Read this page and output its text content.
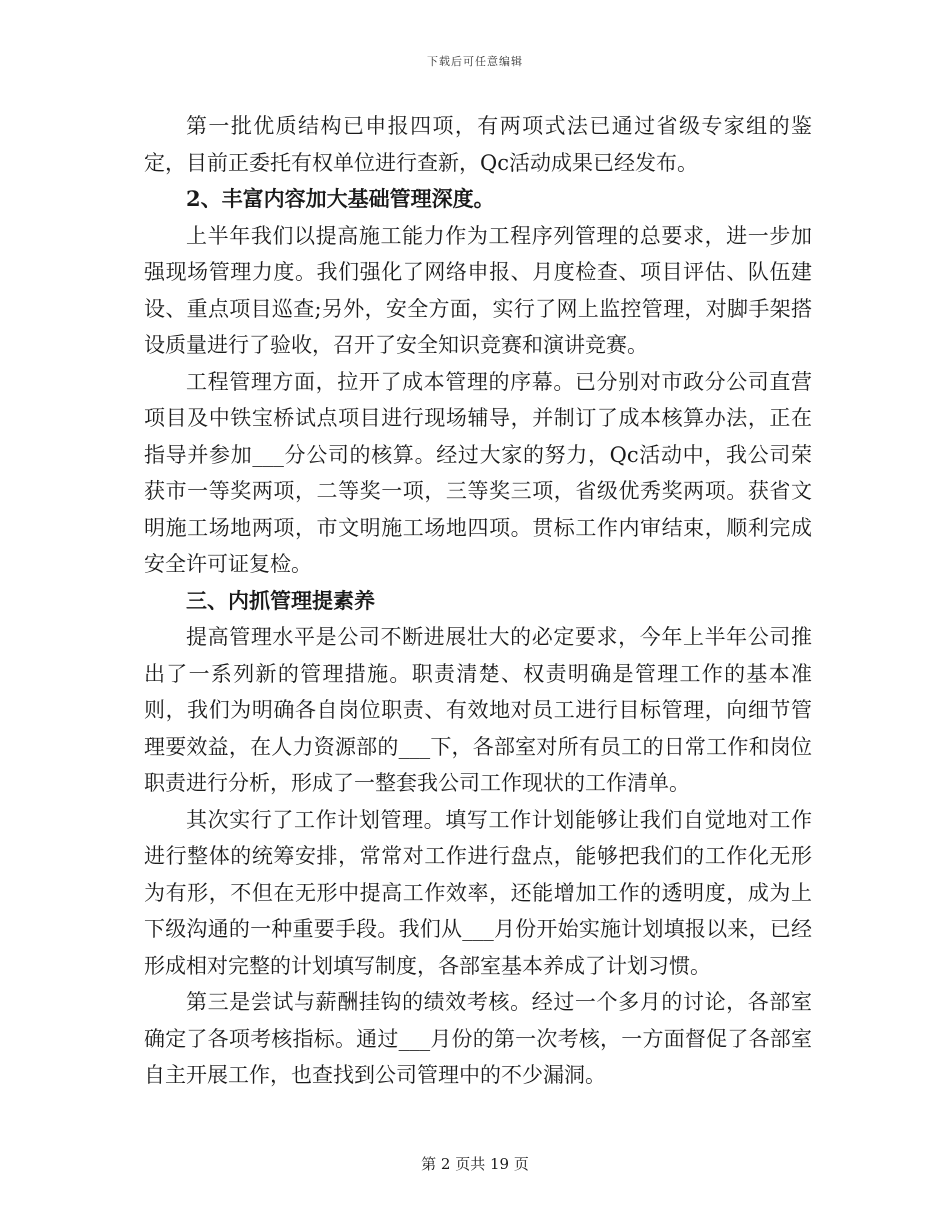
下载后可任意编辑

第一批优质结构已申报四项，有两项式法已通过省级专家组的鉴定，目前正委托有权单位进行查新，Qc活动成果已经发布。

2、丰富内容加大基础管理深度。

上半年我们以提高施工能力作为工程序列管理的总要求，进一步加强现场管理力度。我们强化了网络申报、月度检查、项目评估、队伍建设、重点项目巡查;另外，安全方面，实行了网上监控管理，对脚手架搭设质量进行了验收，召开了安全知识竞赛和演讲竞赛。

工程管理方面，拉开了成本管理的序幕。已分别对市政分公司直营项目及中铁宝桥试点项目进行现场辅导，并制订了成本核算办法，正在指导并参加___分公司的核算。经过大家的努力，Qc活动中，我公司荣获市一等奖两项，二等奖一项，三等奖三项，省级优秀奖两项。获省文明施工场地两项，市文明施工场地四项。贯标工作内审结束，顺利完成安全许可证复检。

三、内抓管理提素养

提高管理水平是公司不断进展壮大的必定要求，今年上半年公司推出了一系列新的管理措施。职责清楚、权责明确是管理工作的基本准则，我们为明确各自岗位职责、有效地对员工进行目标管理，向细节管理要效益，在人力资源部的___下，各部室对所有员工的日常工作和岗位职责进行分析，形成了一整套我公司工作现状的工作清单。

其次实行了工作计划管理。填写工作计划能够让我们自觉地对工作进行整体的统筹安排，常常对工作进行盘点，能够把我们的工作化无形为有形，不但在无形中提高工作效率，还能增加工作的透明度，成为上下级沟通的一种重要手段。我们从___月份开始实施计划填报以来，已经形成相对完整的计划填写制度，各部室基本养成了计划习惯。

第三是尝试与薪酬挂钩的绩效考核。经过一个多月的讨论，各部室确定了各项考核指标。通过___月份的第一次考核，一方面督促了各部室自主开展工作，也查找到公司管理中的不少漏洞。

第 2 页共 19 页
